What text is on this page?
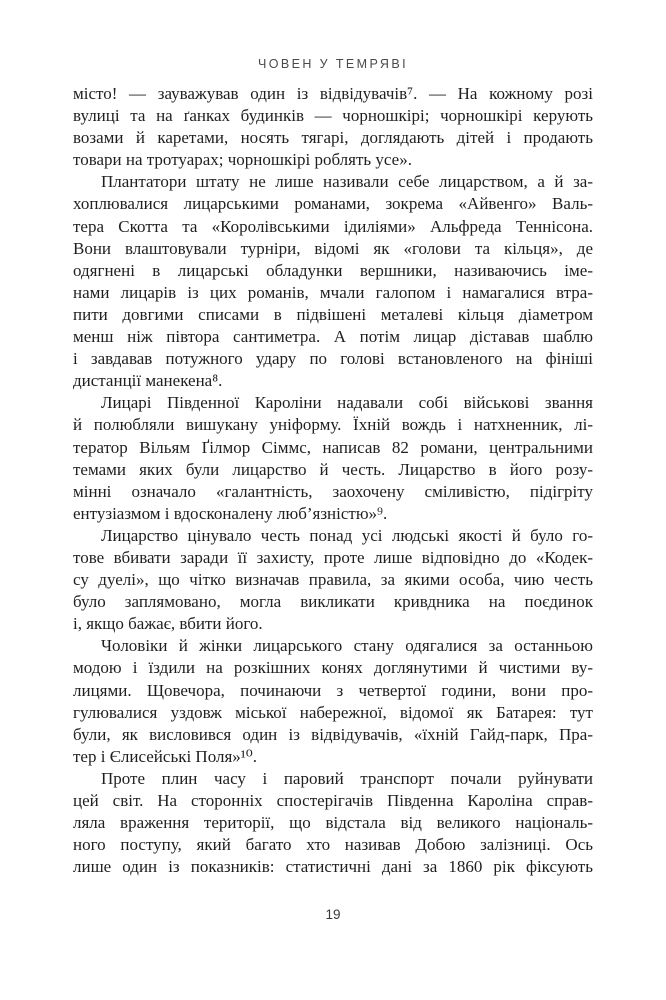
ЧОВЕН У ТЕМРЯВІ
місто! — зауважував один із відвідувачів⁷. — На кожному розі
вулиці та на ґанках будинків — чорношкірі; чорношкірі керують
возами й каретами, носять тягарі, доглядають дітей і продають
товари на тротуарах; чорношкірі роблять усе».
Плантатори штату не лише називали себе лицарством, а й за-
хоплювалися лицарськими романами, зокрема «Айвенго» Валь-
тера Скотта та «Королівськими ідиліями» Альфреда Теннісона.
Вони влаштовували турніри, відомі як «голови та кільця», де
одягнені в лицарські обладунки вершники, називаючись іме-
нами лицарів із цих романів, мчали галопом і намагалися втра-
пити довгими списами в підвішені металеві кільця діаметром
менш ніж півтора сантиметра. А потім лицар діставав шаблю
і завдавав потужного удару по голові встановленого на фініші
дистанції манекена⁸.
Лицарі Південної Кароліни надавали собі військові звання
й полюбляли вишукану уніформу. Їхній вождь і натхненник, лі-
тератор Вільям Ґілмор Сіммс, написав 82 романи, центральними
темами яких були лицарство й честь. Лицарство в його розу-
мінні означало «галантність, заохочену сміливістю, підігріту
ентузіазмом і вдосконалену люб’язністю»⁹.
Лицарство цінувало честь понад усі людські якості й було го-
тове вбивати заради її захисту, проте лише відповідно до «Кодек-
су дуелі», що чітко визначав правила, за якими особа, чию честь
було заплямовано, могла викликати кривдника на поєдинок
і, якщо бажає, вбити його.
Чоловіки й жінки лицарського стану одягалися за останньою
модою і їздили на розкішних конях доглянутими й чистими ву-
лицями. Щовечора, починаючи з четвертої години, вони про-
гулювалися уздовж міської набережної, відомої як Батарея: тут
були, як висловився один із відвідувачів, «їхній Гайд-парк, Пра-
тер і Єлисейські Поля»¹⁰.
Проте плин часу і паровий транспорт почали руйнувати
цей світ. На сторонніх спостерігачів Південна Кароліна справ-
ляла враження території, що відстала від великого національ-
ного поступу, який багато хто називав Добою залізниці. Ось
лише один із показників: статистичні дані за 1860 рік фіксують
19
